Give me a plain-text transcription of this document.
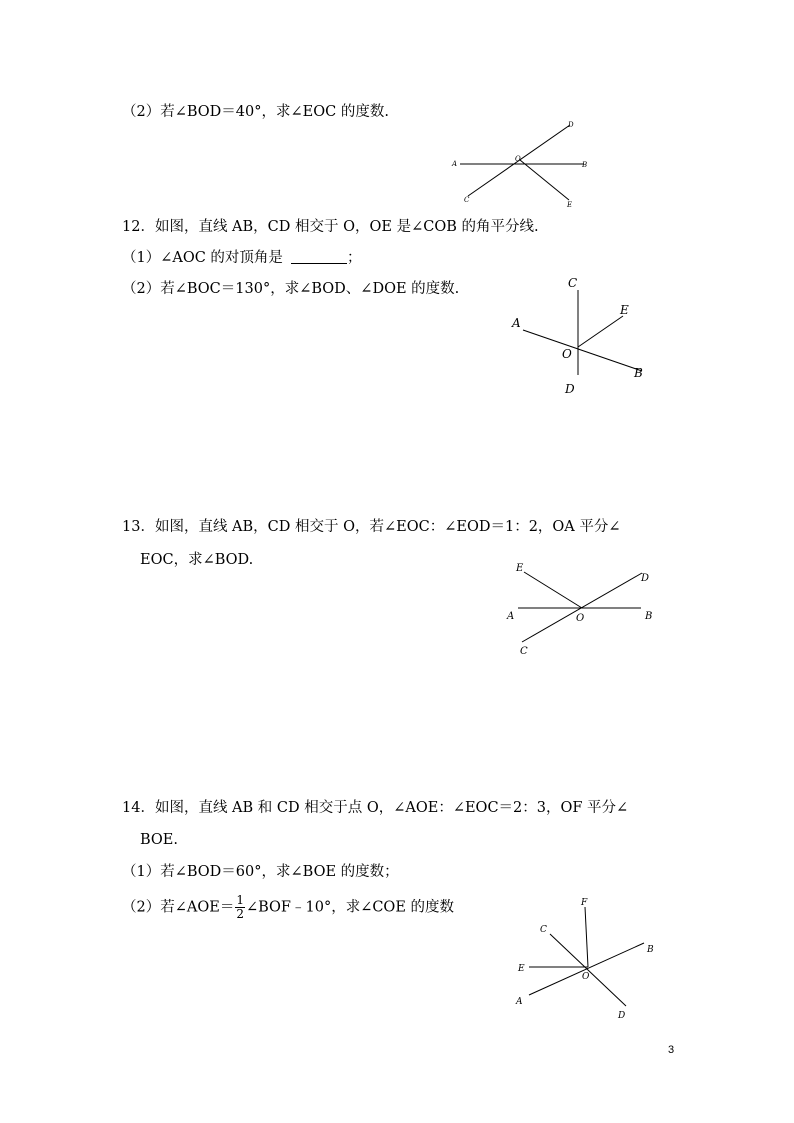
（2）若∠BOD＝40°，求∠EOC 的度数.
A
O
B
C
D
E
12．如图，直线 AB，CD 相交于 O，OE 是∠COB 的角平分线.
（1）∠AOC 的对顶角是	；
（2）若∠BOC＝130°，求∠BOD、∠DOE 的度数.	C
E
A
O
B
D
13．如图，直线 AB，CD 相交于 O，若∠EOC：∠EOD＝1：2，OA 平分∠
EOC，求∠BOD.
E
D
A	O	B
C
14．如图，直线 AB 和 CD 相交于点 O，∠AOE：∠EOC＝2：3，OF 平分∠
BOE.
（1）若∠BOD＝60°，求∠BOE 的度数；
（2）若∠AOE＝ $\frac{1}{2}$ ∠BOF﹣10°，求∠COE 的度数	F
C
B
E
O
A
D
3
